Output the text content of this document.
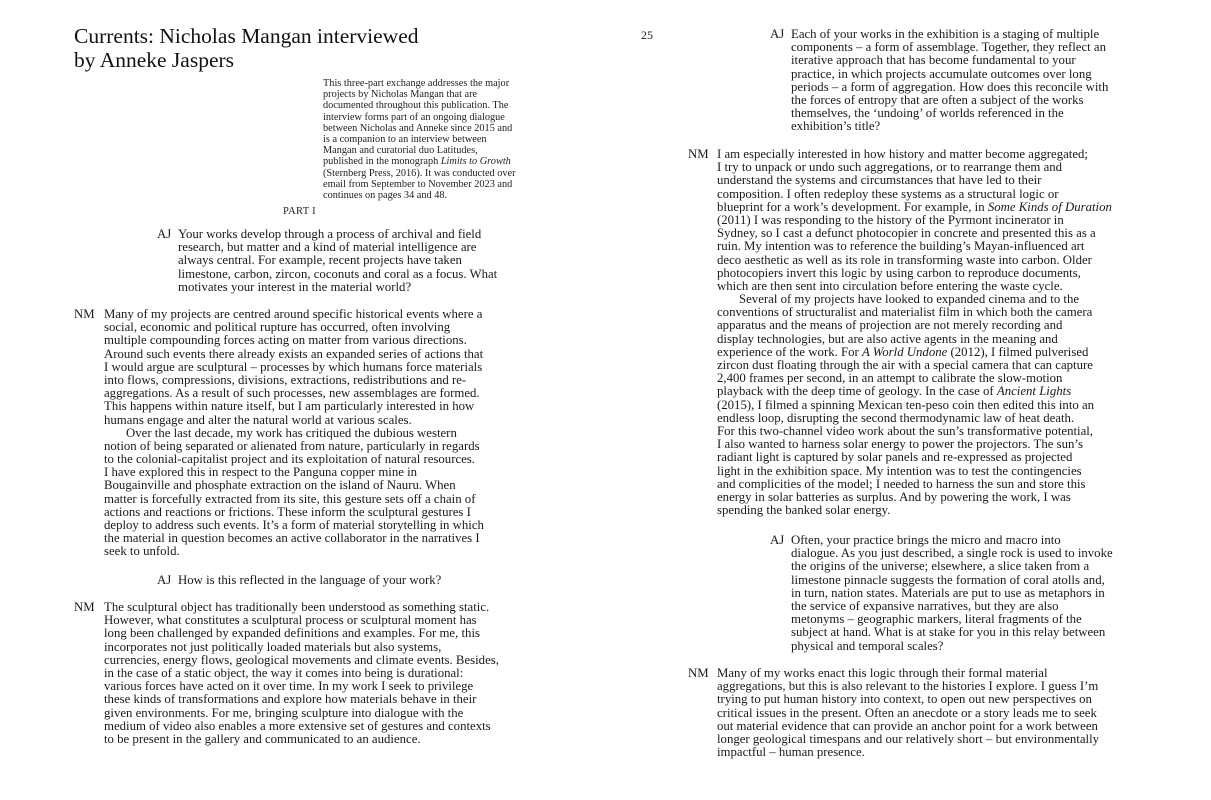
Currents: Nicholas Mangan interviewed
by Anneke Jaspers
This three-part exchange addresses the major
projects by Nicholas Mangan that are
documented throughout this publication. The
interview forms part of an ongoing dialogue
between Nicholas and Anneke since 2015 and
is a companion to an interview between
Mangan and curatorial duo Latitudes,
published in the monograph Limits to Growth
(Sternberg Press, 2016). It was conducted over
email from September to November 2023 and
continues on pages 34 and 48.
PART I
AJ Your works develop through a process of archival and field
research, but matter and a kind of material intelligence are
always central. For example, recent projects have taken
limestone, carbon, zircon, coconuts and coral as a focus. What
motivates your interest in the material world?
NM Many of my projects are centred around specific historical events where a
social, economic and political rupture has occurred, often involving
multiple compounding forces acting on matter from various directions.
Around such events there already exists an expanded series of actions that
I would argue are sculptural – processes by which humans force materials
into flows, compressions, divisions, extractions, redistributions and re-
aggregations. As a result of such processes, new assemblages are formed.
This happens within nature itself, but I am particularly interested in how
humans engage and alter the natural world at various scales.
Over the last decade, my work has critiqued the dubious western
notion of being separated or alienated from nature, particularly in regards
to the colonial-capitalist project and its exploitation of natural resources.
I have explored this in respect to the Panguna copper mine in
Bougainville and phosphate extraction on the island of Nauru. When
matter is forcefully extracted from its site, this gesture sets off a chain of
actions and reactions or frictions. These inform the sculptural gestures I
deploy to address such events. It’s a form of material storytelling in which
the material in question becomes an active collaborator in the narratives I
seek to unfold.
AJ How is this reflected in the language of your work?
NM The sculptural object has traditionally been understood as something static.
However, what constitutes a sculptural process or sculptural moment has
long been challenged by expanded definitions and examples. For me, this
incorporates not just politically loaded materials but also systems,
currencies, energy flows, geological movements and climate events. Besides,
in the case of a static object, the way it comes into being is durational:
various forces have acted on it over time. In my work I seek to privilege
these kinds of transformations and explore how materials behave in their
given environments. For me, bringing sculpture into dialogue with the
medium of video also enables a more extensive set of gestures and contexts
to be present in the gallery and communicated to an audience.
25	AJ Each of your works in the exhibition is a staging of multiple
components – a form of assemblage. Together, they reflect an
iterative approach that has become fundamental to your
practice, in which projects accumulate outcomes over long
periods – a form of aggregation. How does this reconcile with
the forces of entropy that are often a subject of the works
themselves, the ‘undoing’ of worlds referenced in the
exhibition’s title?
NM I am especially interested in how history and matter become aggregated;
I try to unpack or undo such aggregations, or to rearrange them and
understand the systems and circumstances that have led to their
composition. I often redeploy these systems as a structural logic or
blueprint for a work’s development. For example, in Some Kinds of Duration
(2011) I was responding to the history of the Pyrmont incinerator in
Sydney, so I cast a defunct photocopier in concrete and presented this as a
ruin. My intention was to reference the building’s Mayan-influenced art
deco aesthetic as well as its role in transforming waste into carbon. Older
photocopiers invert this logic by using carbon to reproduce documents,
which are then sent into circulation before entering the waste cycle.
Several of my projects have looked to expanded cinema and to the
conventions of structuralist and materialist film in which both the camera
apparatus and the means of projection are not merely recording and
display technologies, but are also active agents in the meaning and
experience of the work. For A World Undone (2012), I filmed pulverised
zircon dust floating through the air with a special camera that can capture
2,400 frames per second, in an attempt to calibrate the slow-motion
playback with the deep time of geology. In the case of Ancient Lights
(2015), I filmed a spinning Mexican ten-peso coin then edited this into an
endless loop, disrupting the second thermodynamic law of heat death.
For this two-channel video work about the sun’s transformative potential,
I also wanted to harness solar energy to power the projectors. The sun’s
radiant light is captured by solar panels and re-expressed as projected
light in the exhibition space. My intention was to test the contingencies
and complicities of the model; I needed to harness the sun and store this
energy in solar batteries as surplus. And by powering the work, I was
spending the banked solar energy.
AJ Often, your practice brings the micro and macro into
dialogue. As you just described, a single rock is used to invoke
the origins of the universe; elsewhere, a slice taken from a
limestone pinnacle suggests the formation of coral atolls and,
in turn, nation states. Materials are put to use as metaphors in
the service of expansive narratives, but they are also
metonyms – geographic markers, literal fragments of the
subject at hand. What is at stake for you in this relay between
physical and temporal scales?
NM Many of my works enact this logic through their formal material
aggregations, but this is also relevant to the histories I explore. I guess I’m
trying to put human history into context, to open out new perspectives on
critical issues in the present. Often an anecdote or a story leads me to seek
out material evidence that can provide an anchor point for a work between
longer geological timespans and our relatively short – but environmentally
impactful – human presence.
